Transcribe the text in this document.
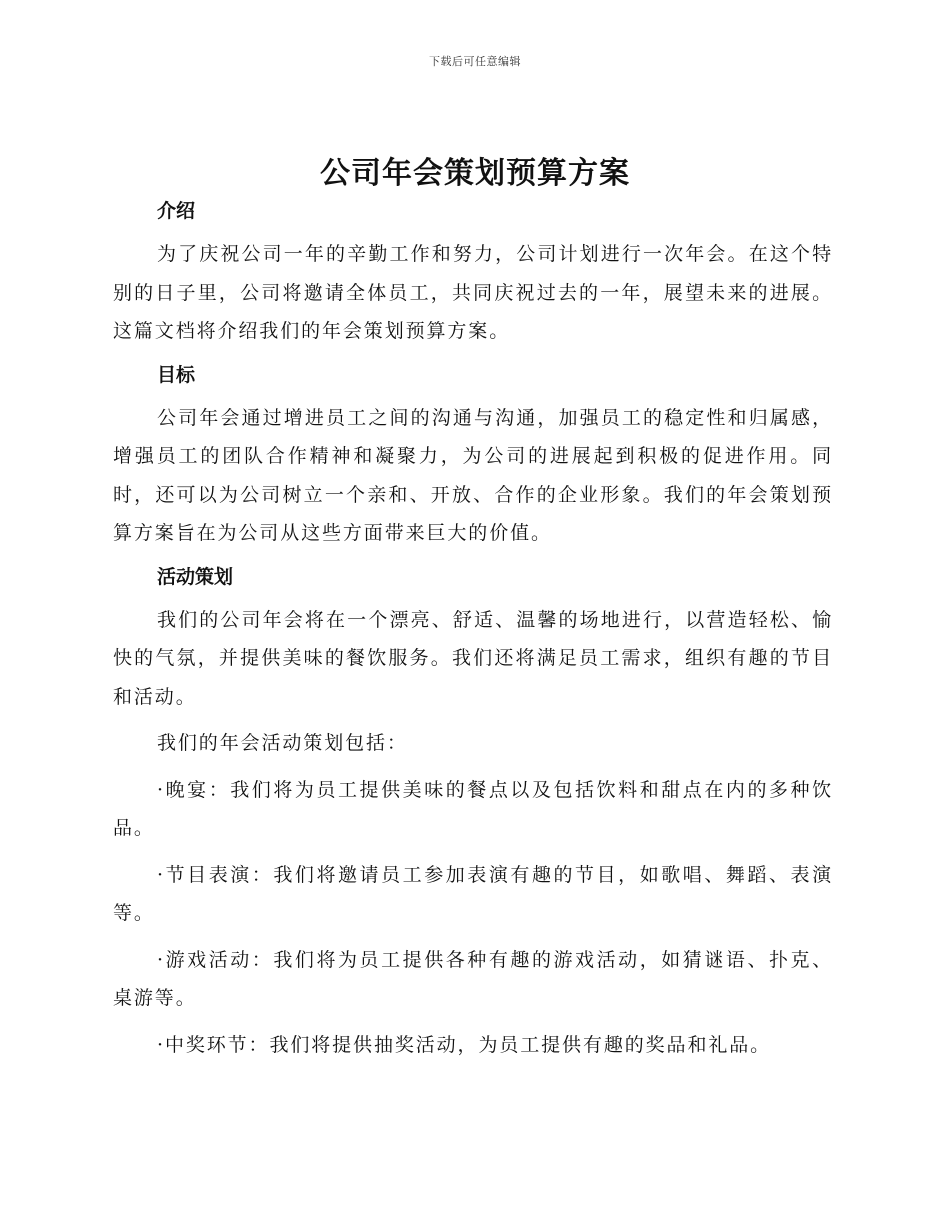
下载后可任意编辑
公司年会策划预算方案
介绍

为了庆祝公司一年的辛勤工作和努力，公司计划进行一次年会。在这个特别的日子里，公司将邀请全体员工，共同庆祝过去的一年，展望未来的进展。这篇文档将介绍我们的年会策划预算方案。

目标

公司年会通过增进员工之间的沟通与沟通，加强员工的稳定性和归属感，增强员工的团队合作精神和凝聚力，为公司的进展起到积极的促进作用。同时，还可以为公司树立一个亲和、开放、合作的企业形象。我们的年会策划预算方案旨在为公司从这些方面带来巨大的价值。

活动策划

我们的公司年会将在一个漂亮、舒适、温馨的场地进行，以营造轻松、愉快的气氛，并提供美味的餐饮服务。我们还将满足员工需求，组织有趣的节目和活动。

我们的年会活动策划包括：

·晚宴：我们将为员工提供美味的餐点以及包括饮料和甜点在内的多种饮品。

·节目表演：我们将邀请员工参加表演有趣的节目，如歌唱、舞蹈、表演等。

·游戏活动：我们将为员工提供各种有趣的游戏活动，如猜谜语、扑克、桌游等。

·中奖环节：我们将提供抽奖活动，为员工提供有趣的奖品和礼品。
